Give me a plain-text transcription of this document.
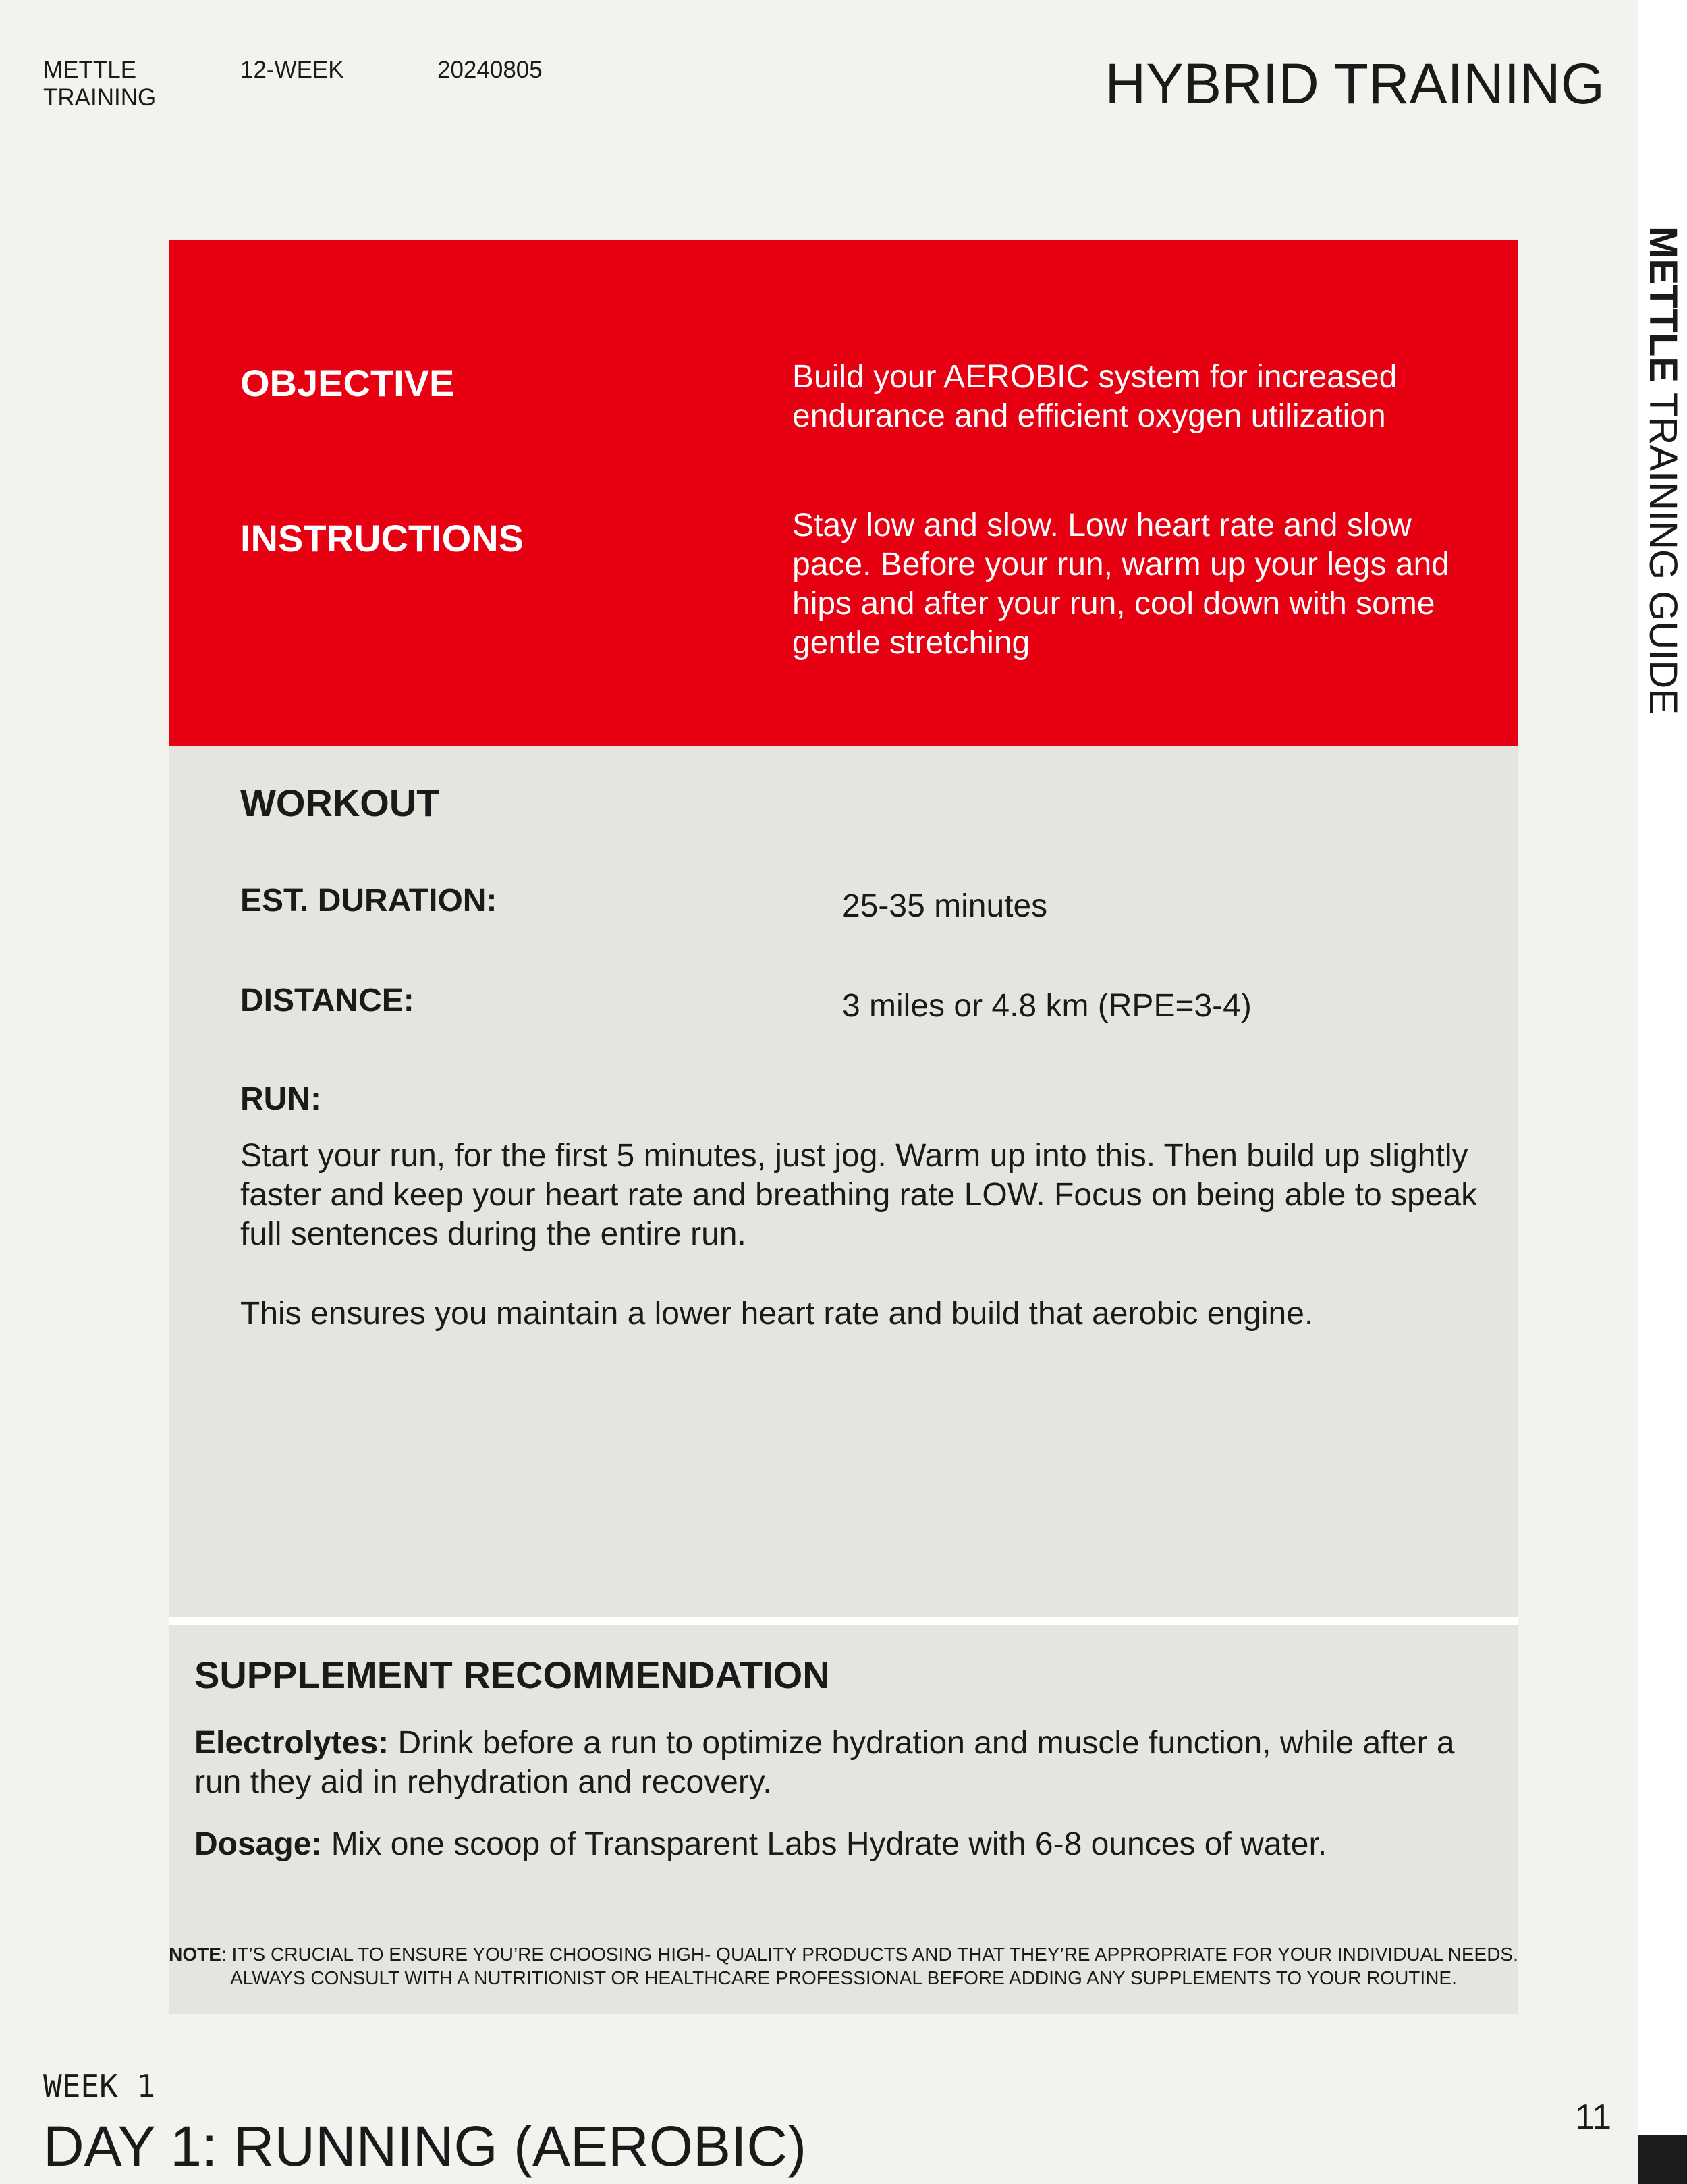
METTLE TRAINING GUIDE
METTLE TRAINING
12-WEEK	20240805	HYBRID TRAINING
OBJECTIVE	Build your AEROBIC system for increased endurance and efficient oxygen utilization
INSTRUCTIONS	Stay low and slow. Low heart rate and slow pace. Before your run, warm up your legs and hips and after your run, cool down with some gentle stretching
WORKOUT
EST. DURATION:	25-35 minutes
DISTANCE:	3 miles or 4.8 km (RPE=3-4)
RUN:
Start your run, for the first 5 minutes, just jog. Warm up into this. Then build up slightly faster and keep your heart rate and breathing rate LOW. Focus on being able to speak full sentences during the entire run.
This ensures you maintain a lower heart rate and build that aerobic engine.
SUPPLEMENT RECOMMENDATION
Electrolytes: Drink before a run to optimize hydration and muscle function, while after a run they aid in rehydration and recovery.
Dosage: Mix one scoop of Transparent Labs Hydrate with 6-8 ounces of water.
NOTE: IT’S CRUCIAL TO ENSURE YOU’RE CHOOSING HIGH- QUALITY PRODUCTS AND THAT THEY’RE APPROPRIATE FOR YOUR INDIVIDUAL NEEDS. ALWAYS CONSULT WITH A NUTRITIONIST OR HEALTHCARE PROFESSIONAL BEFORE ADDING ANY SUPPLEMENTS TO YOUR ROUTINE.
WEEK 1
DAY 1: RUNNING (AEROBIC)	11
